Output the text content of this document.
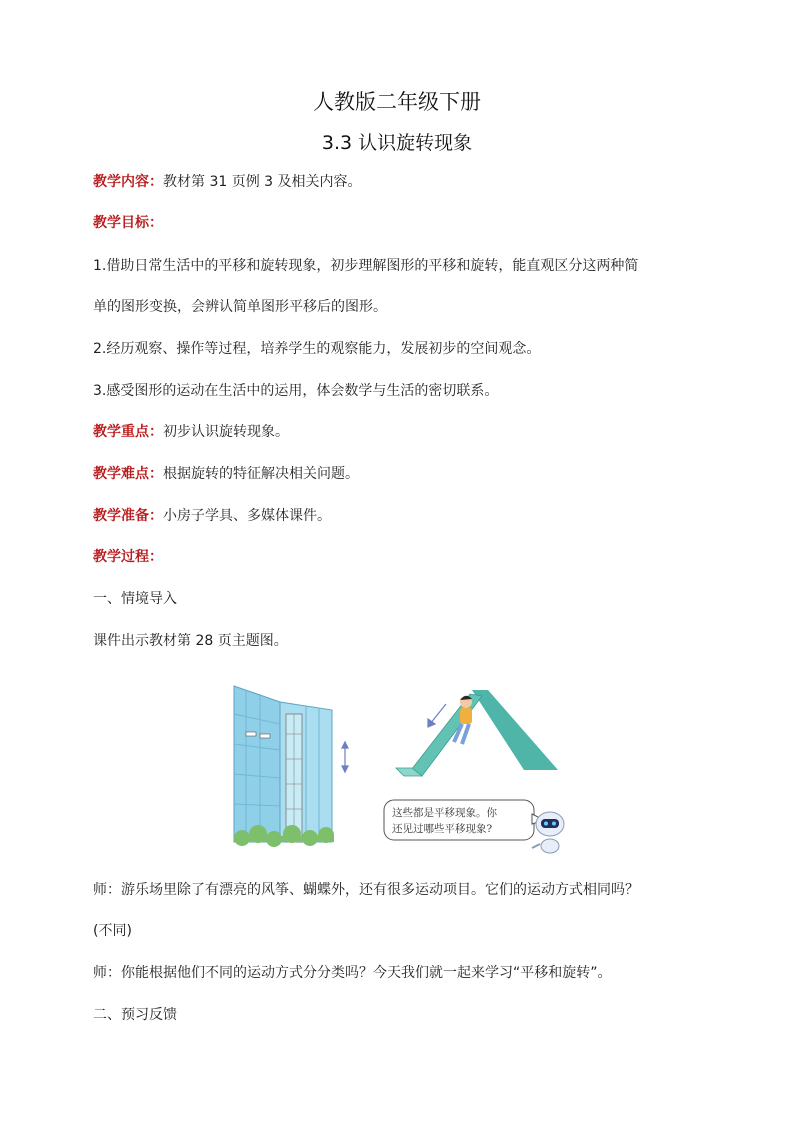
人教版二年级下册
3.3 认识旋转现象
教学内容：教材第 31 页例 3 及相关内容。
教学目标：
1.借助日常生活中的平移和旋转现象，初步理解图形的平移和旋转，能直观区分这两种简
单的图形变换，会辨认简单图形平移后的图形。
2.经历观察、操作等过程，培养学生的观察能力，发展初步的空间观念。
3.感受图形的运动在生活中的运用，体会数学与生活的密切联系。
教学重点：初步认识旋转现象。
教学难点：根据旋转的特征解决相关问题。
教学准备：小房子学具、多媒体课件。
教学过程：
一、情境导入
课件出示教材第 28 页主题图。
这些都是平移现象。你
还见过哪些平移现象?
师：游乐场里除了有漂亮的风筝、蝴蝶外，还有很多运动项目。它们的运动方式相同吗？
(不同)
师：你能根据他们不同的运动方式分分类吗？今天我们就一起来学习“平移和旋转”。
二、预习反馈
